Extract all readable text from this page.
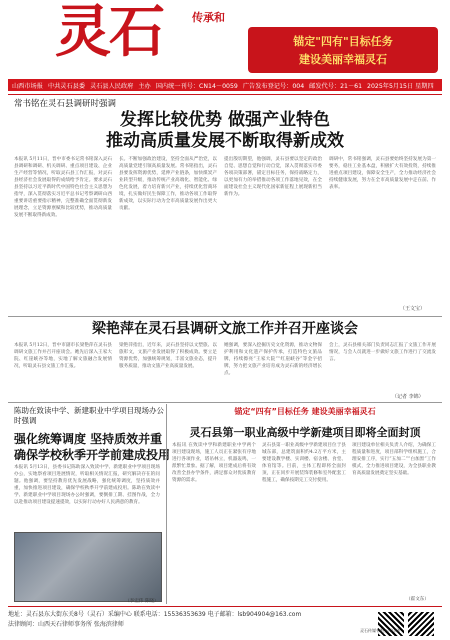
灵石	传承和
锚定"四有"目标任务
建设美丽幸福灵石
山西市场报 中共灵石县委 灵石县人民政府 主办 国内统一刊号：CN14－0059 广告发布登记号：004 邮发代号：21－61 2025年5月15日 星期四
常书铭在灵石县调研时强调
发挥比较优势 做强产业特色
推动高质量发展不断取得新成效
本报讯 5月11日，晋中市委书记常书铭深入灵石县调研和调研、机关调研、重点项目建设、企业生产经营等情况，听取灵石县工作汇报，对灵石县经济社会发展取得的成绩给予肯定。要求灵石县坚持以习近平新时代中国特色社会主义思想为指导，深入贯彻落实习近平总书记考察调研山西重要讲话重要指示精神，完整准确全面贯彻新发展理念，立足资源禀赋和比较优势，推动高质量发展不断取得新成效。
长。不断加强政治建设，坚持全面从严治党，以高质量党建引领高质量发展。常书铭指出，灵石县要发挥资源优势，延伸产业链条，加快煤炭产业转型升级，推动传统产业高端化、智能化、绿色化发展，着力培育新兴产业，持续优化营商环境，扎实做好民生保障工作，推动各项工作取得新成效，以实际行动为全市高质量发展作出更大贡献。
提出殷切期望，他强调，灵石县要以坚定的政治自觉、思想自觉和行动自觉，深入贯彻落实市委各项决策部署，锚定目标任务，保持战略定力，以更加有力的举措推动各项工作落地见效，在全面建设社会主义现代化国家新征程上展现新担当新作为。
调研中，常书铭强调，灵石县要始终坚持发展为第一要务，稳住工业基本盘，积极扩大有效投资，持续推进重点项目建设，保障安全生产，全力推动经济社会持续健康发展，努力在全市高质量发展中走在前、作表率。
（王文宝）
梁艳萍在灵石县调研文旅工作并召开座谈会
本报讯 5月12日，晋中市副市长梁艳萍在灵石县调研文旅工作并召开座谈会。她先后深入王家大院、红崖峡谷等地，实地了解文旅融合发展情况，听取灵石县文旅工作汇报。
梁艳萍指出，近年来，灵石县坚持以文塑旅、以旅彰文，文旅产业发展取得了积极成效。要立足资源优势，加强统筹规划，丰富文旅业态，提升服务质量，推动文旅产业高质量发展。
她强调，要深入挖掘历史文化资源，推动文物保护利用和文化遗产保护传承，打造特色文旅品牌，持续擦亮“王家大院”“红崖峡谷”等金字招牌，努力把文旅产业培育成为灵石新的经济增长点。
会上，灵石县相关部门负责同志汇报了文旅工作开展情况，与会人员就进一步做好文旅工作进行了交流发言。
（记者 李锦）
陈助在致读中学、新建职业中学项目现场办公时强调
强化统筹调度 坚持质效并重
确保学校秋季开学前建成投用
本报讯 5月13日，县委书记陈助深入致读中学、新建职业中学项目现场办公，实地察看项目进展情况，听取相关情况汇报，研究解决存在的问题。他强调，要坚持教育优先发展战略，强化统筹调度，坚持质效并重，加快推进项目建设，确保学校秋季开学前建成投用。陈助在致读中学、新建职业中学项目现场办公时强调，要倒排工期、挂图作战，全力以赴推动项目建设提速提效，以实际行动办好人民满意的教育。
（李宏伟 陈晓）
锚定“四有”目标任务 建设美丽幸福灵石
灵石县第一职业高级中学新建项目即将全面封顶
本报讯 在致读中学和新建职业中学两个项目建设现场，施工人员正在紧张有序地进行各项作业，塔吊林立，机器轰鸣，一派繁忙景象。据了解，项目建成后将有效改善全县办学条件，满足群众对优质教育资源的需求。
灵石县第一职业高级中学新建项目位于县城东部，总建筑面积约4.2万平方米，主要建设教学楼、实训楼、宿舍楼、食堂、体育馆等。目前，主体工程即将全面封顶，正在同步开展装饰装修和室外配套工程施工，确保按期完工交付使用。
项目建设单位相关负责人介绍，为确保工程质量和进度，项目部科学组织施工，合理安排工序，实行“五加二”“白加黑”工作模式，全力推进项目建设，为全县职业教育高质量发展奠定坚实基础。
（霍文东）
地址：灵石县东大街东关8号（灵石）采编中心 联系电话：15536353639 电子邮箱：lsb904904@163.com
法律顾问：山西天石律师事务所 张海滨律师
灵石传媒有限公司印刷
